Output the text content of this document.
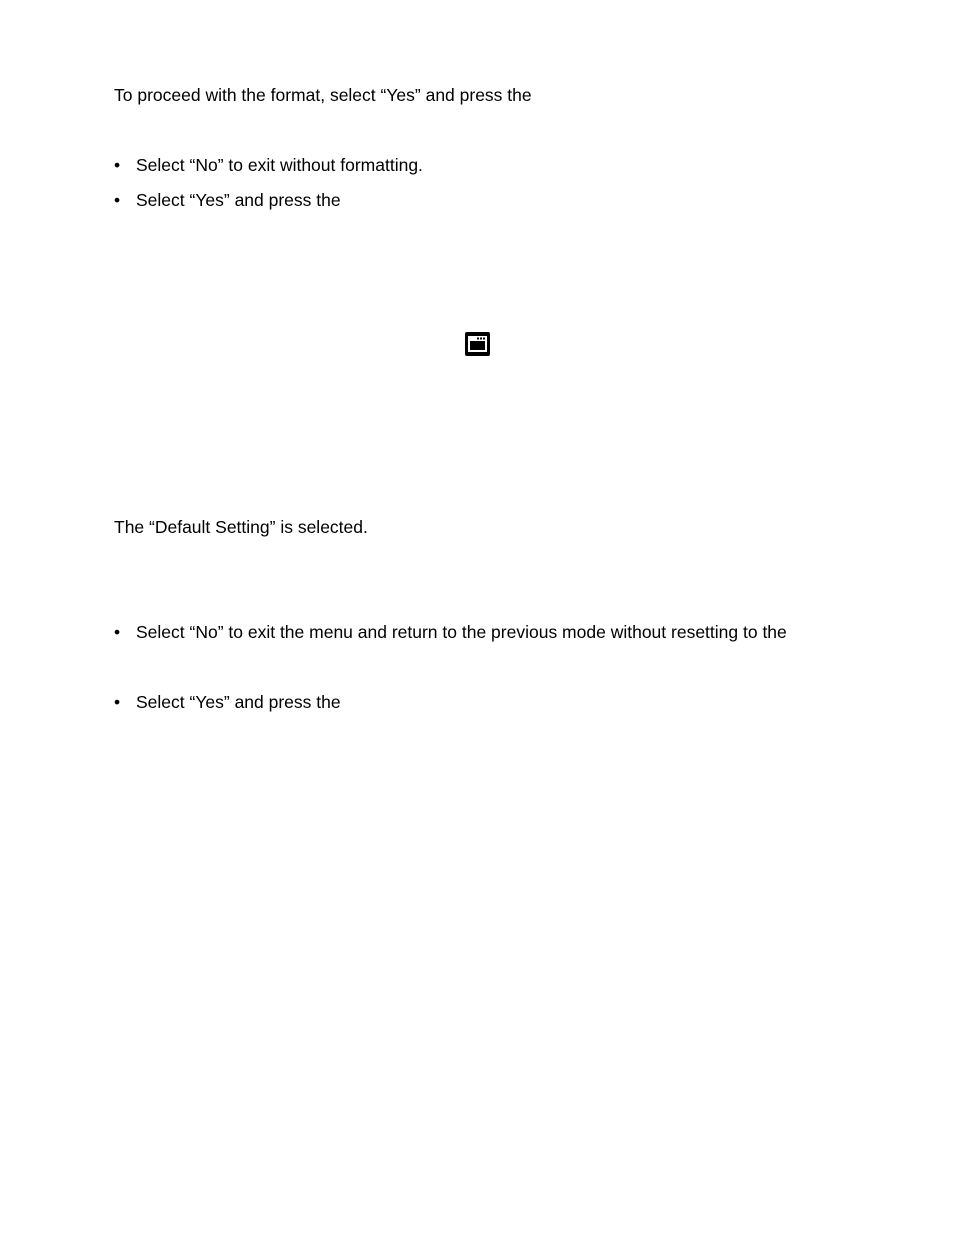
To proceed with the format, select “Yes” and press the
• Select “No” to exit without formatting.
• Select “Yes” and press the
The “Default Setting” is selected.
• Select “No” to exit the menu and return to the previous mode without resetting to the
• Select “Yes” and press the
